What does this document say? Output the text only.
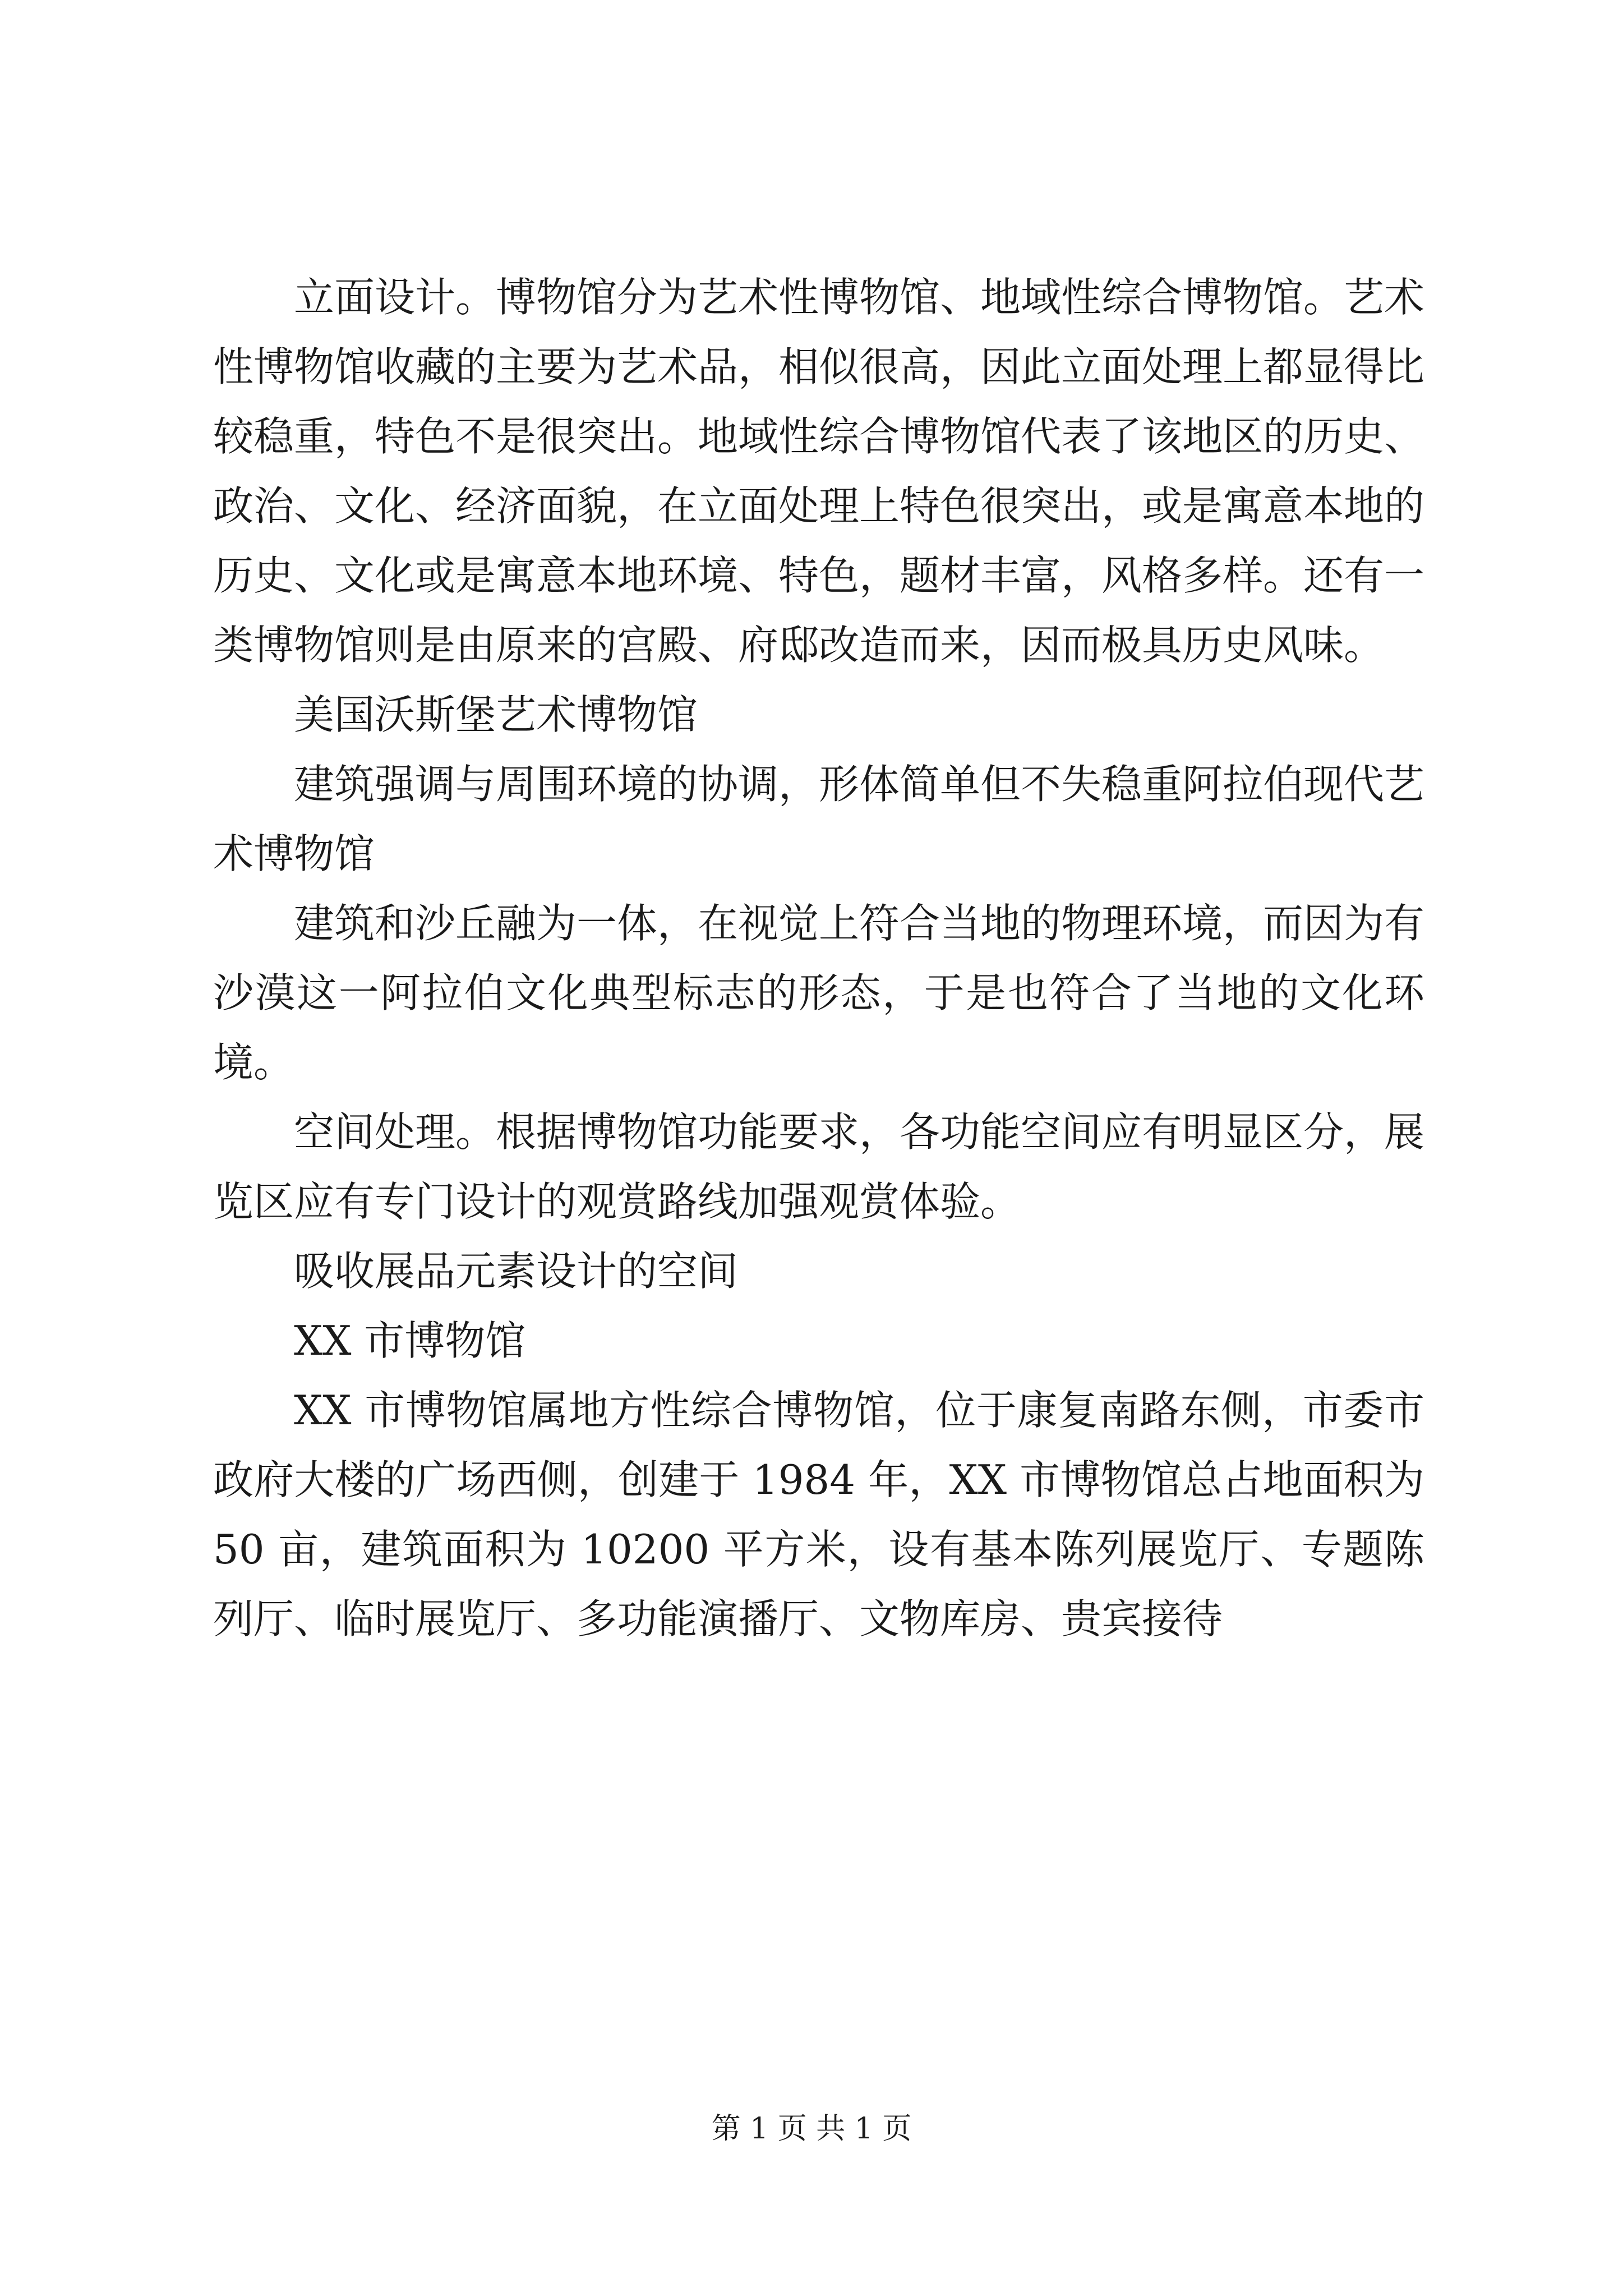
立面设计。博物馆分为艺术性博物馆、地域性综合博物馆。艺术性博物馆收藏的主要为艺术品，相似很高，因此立面处理上都显得比较稳重，特色不是很突出。地域性综合博物馆代表了该地区的历史、政治、文化、经济面貌，在立面处理上特色很突出，或是寓意本地的历史、文化或是寓意本地环境、特色，题材丰富，风格多样。还有一类博物馆则是由原来的宫殿、府邸改造而来，因而极具历史风味。

美国沃斯堡艺术博物馆

建筑强调与周围环境的协调，形体简单但不失稳重阿拉伯现代艺术博物馆

建筑和沙丘融为一体，在视觉上符合当地的物理环境，而因为有沙漠这一阿拉伯文化典型标志的形态，于是也符合了当地的文化环境。

空间处理。根据博物馆功能要求，各功能空间应有明显区分，展览区应有专门设计的观赏路线加强观赏体验。

吸收展品元素设计的空间

XX 市博物馆

XX 市博物馆属地方性综合博物馆，位于康复南路东侧，市委市政府大楼的广场西侧，创建于 1984 年，XX 市博物馆总占地面积为 50 亩，建筑面积为 10200 平方米，设有基本陈列展览厅、专题陈列厅、临时展览厅、多功能演播厅、文物库房、贵宾接待

第 1 页 共 1 页
